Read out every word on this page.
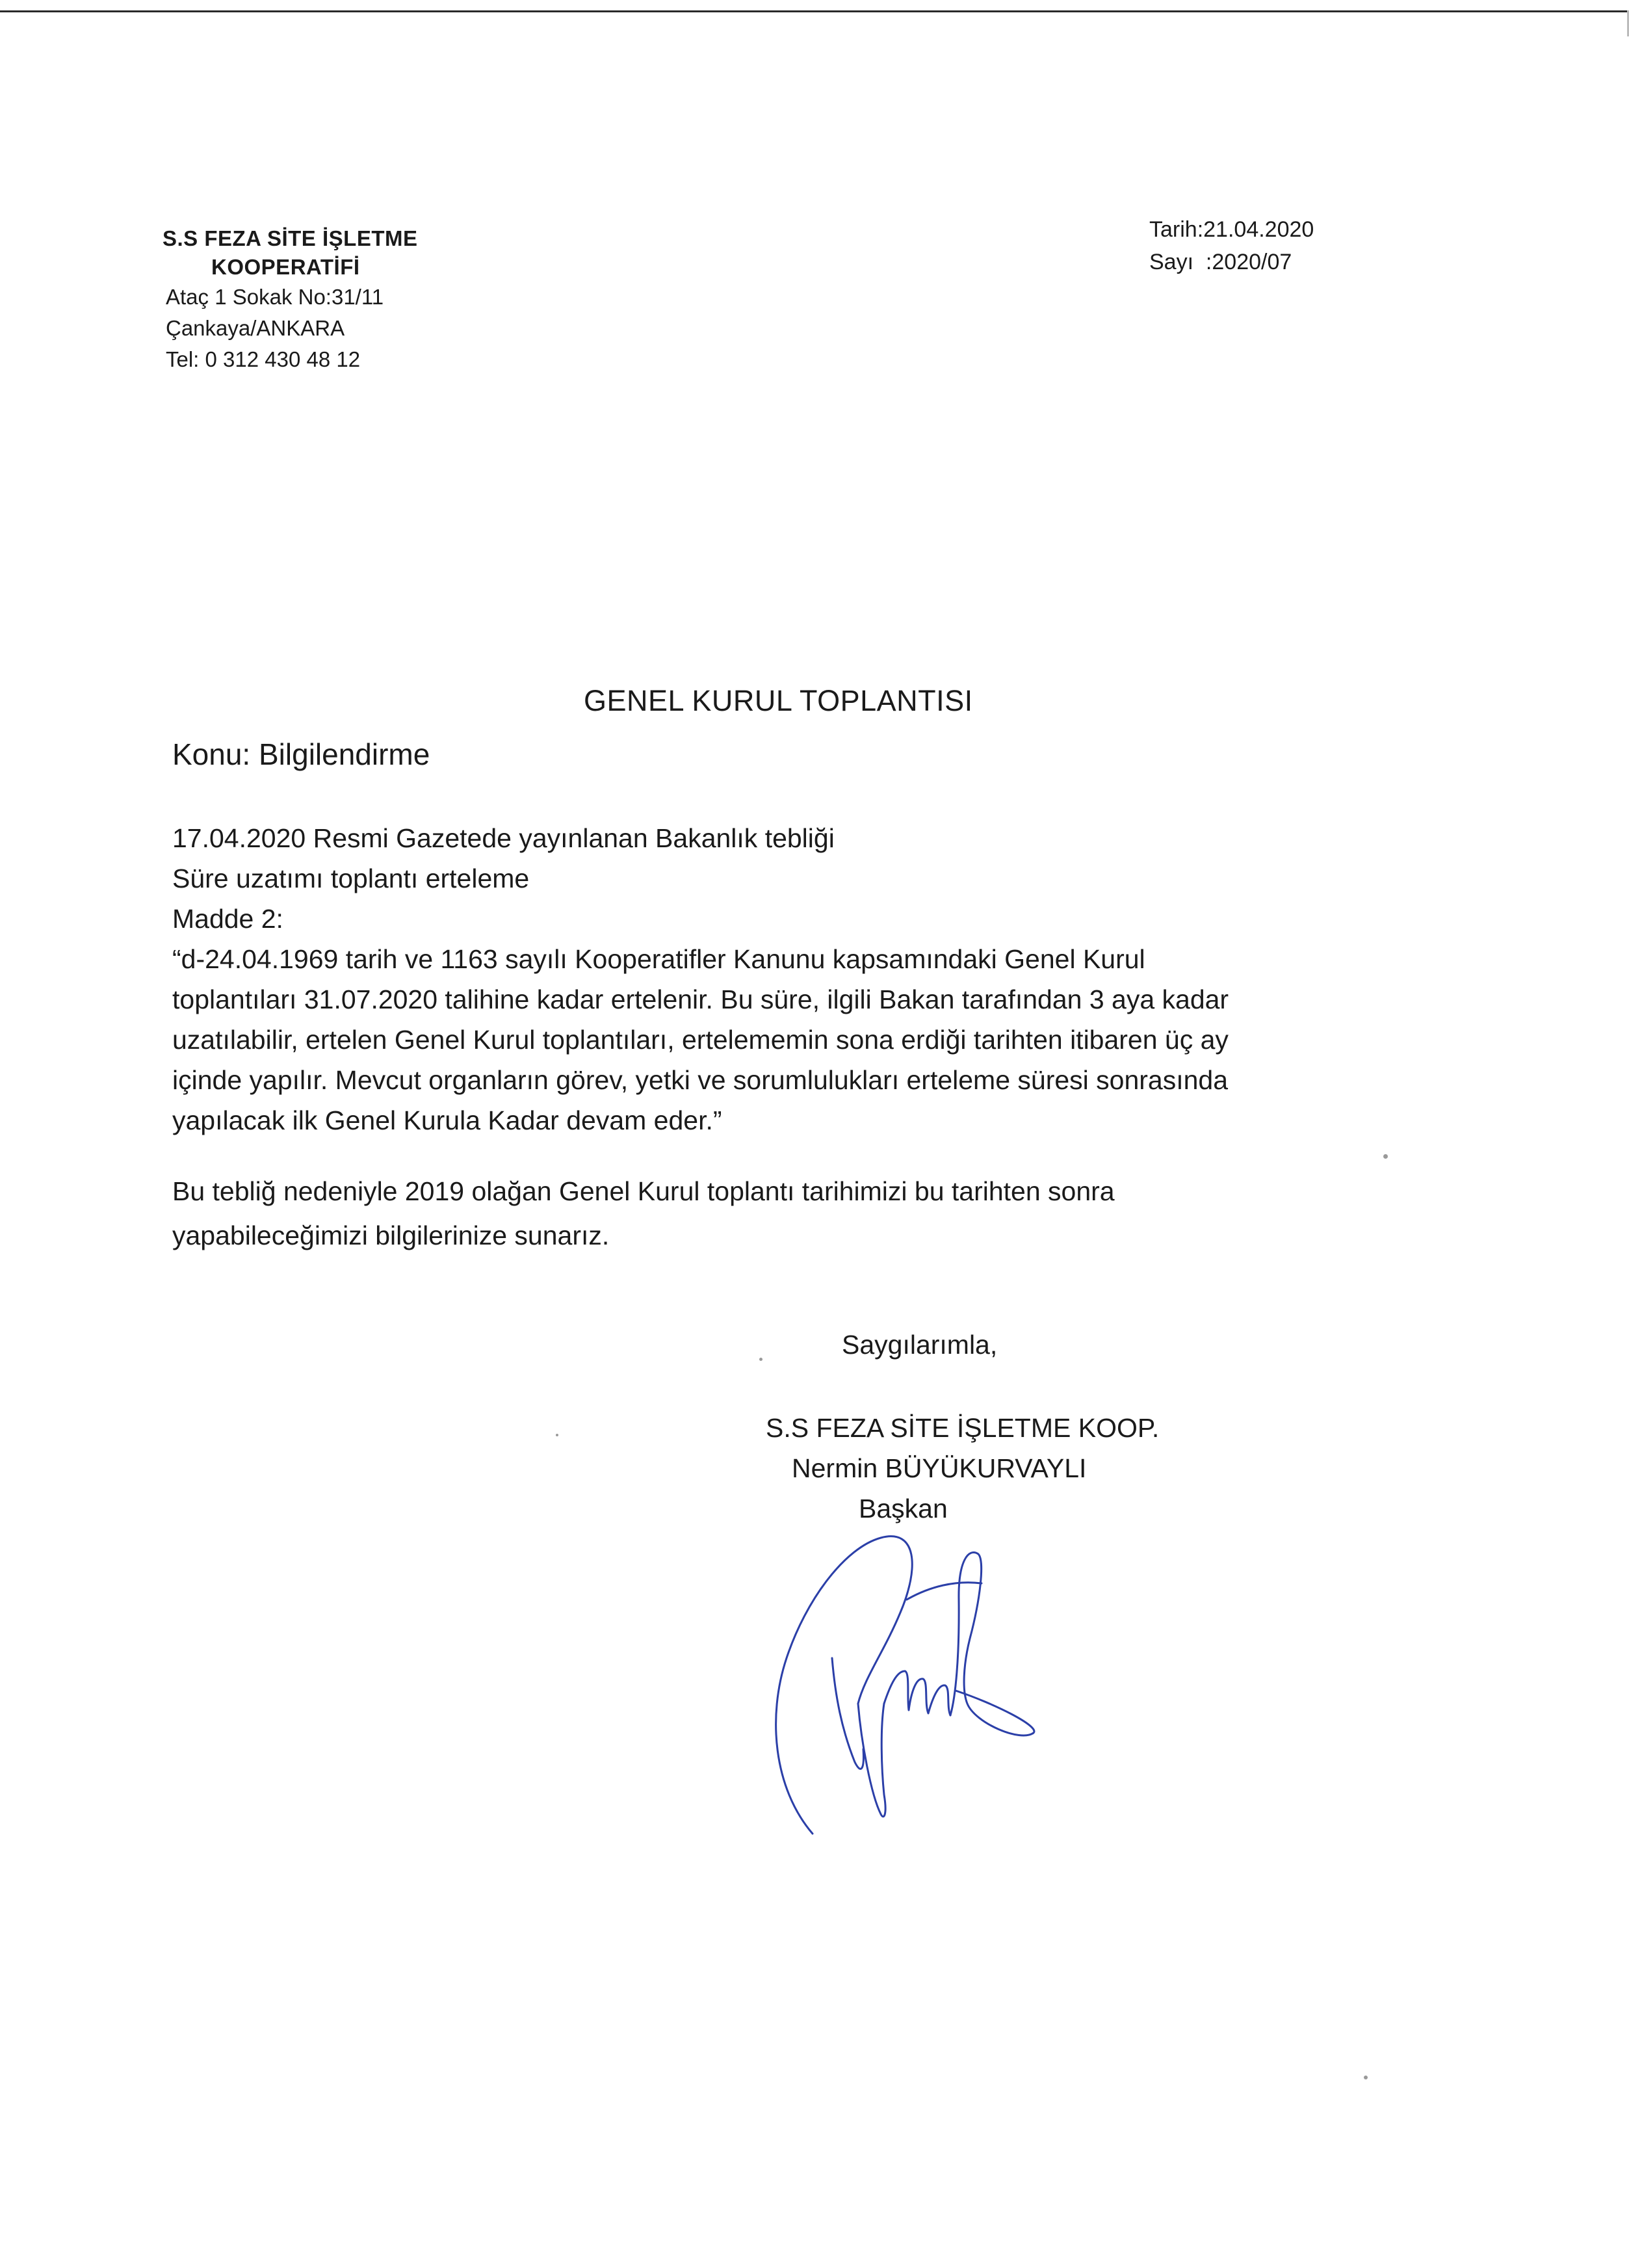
S.S FEZA SİTE İŞLETME
KOOPERATİFİ
Ataç 1 Sokak No:31/11
Çankaya/ANKARA
Tel: 0 312 430 48 12
Tarih:21.04.2020
Sayı  :2020/07
GENEL KURUL TOPLANTISI
Konu: Bilgilendirme
17.04.2020 Resmi Gazetede yayınlanan Bakanlık tebliği
Süre uzatımı toplantı erteleme
Madde 2:
“d-24.04.1969 tarih ve 1163 sayılı Kooperatifler Kanunu kapsamındaki Genel Kurul
toplantıları 31.07.2020 talihine kadar ertelenir. Bu süre, ilgili Bakan tarafından 3 aya kadar
uzatılabilir, ertelen Genel Kurul toplantıları, ertelememin sona erdiği tarihten itibaren üç ay
içinde yapılır. Mevcut organların görev, yetki ve sorumlulukları erteleme süresi sonrasında
yapılacak ilk Genel Kurula Kadar devam eder.”
Bu tebliğ nedeniyle 2019 olağan Genel Kurul toplantı tarihimizi bu tarihten sonra
yapabileceğimizi bilgilerinize sunarız.
Saygılarımla,
S.S FEZA SİTE İŞLETME KOOP.
Nermin BÜYÜKURVAYLI
Başkan
